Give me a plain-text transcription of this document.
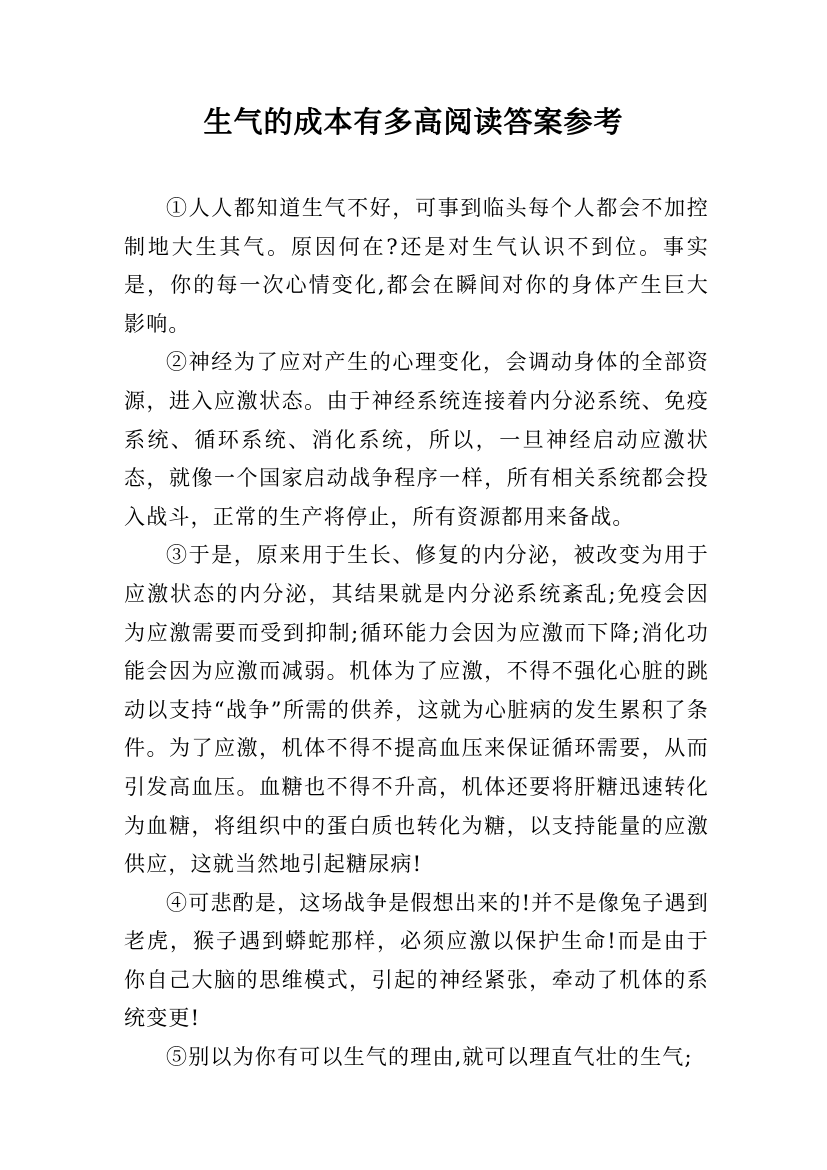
生气的成本有多高阅读答案参考

①人人都知道生气不好，可事到临头每个人都会不加控制地大生其气。原因何在?还是对生气认识不到位。事实是，你的每一次心情变化,都会在瞬间对你的身体产生巨大影响。

②神经为了应对产生的心理变化，会调动身体的全部资源，进入应激状态。由于神经系统连接着内分泌系统、免疫系统、循环系统、消化系统，所以，一旦神经启动应激状态，就像一个国家启动战争程序一样，所有相关系统都会投入战斗，正常的生产将停止，所有资源都用来备战。

③于是，原来用于生长、修复的内分泌，被改变为用于应激状态的内分泌，其结果就是内分泌系统紊乱;免疫会因为应激需要而受到抑制;循环能力会因为应激而下降;消化功能会因为应激而减弱。机体为了应激，不得不强化心脏的跳动以支持“战争”所需的供养，这就为心脏病的发生累积了条件。为了应激，机体不得不提高血压来保证循环需要，从而引发高血压。血糖也不得不升高，机体还要将肝糖迅速转化为血糖，将组织中的蛋白质也转化为糖，以支持能量的应激供应，这就当然地引起糖尿病!

④可悲酌是，这场战争是假想出来的!并不是像兔子遇到老虎，猴子遇到蟒蛇那样，必须应激以保护生命!而是由于你自己大脑的思维模式，引起的神经紧张，牵动了机体的系统变更!

⑤别以为你有可以生气的理由,就可以理直气壮的生气;
